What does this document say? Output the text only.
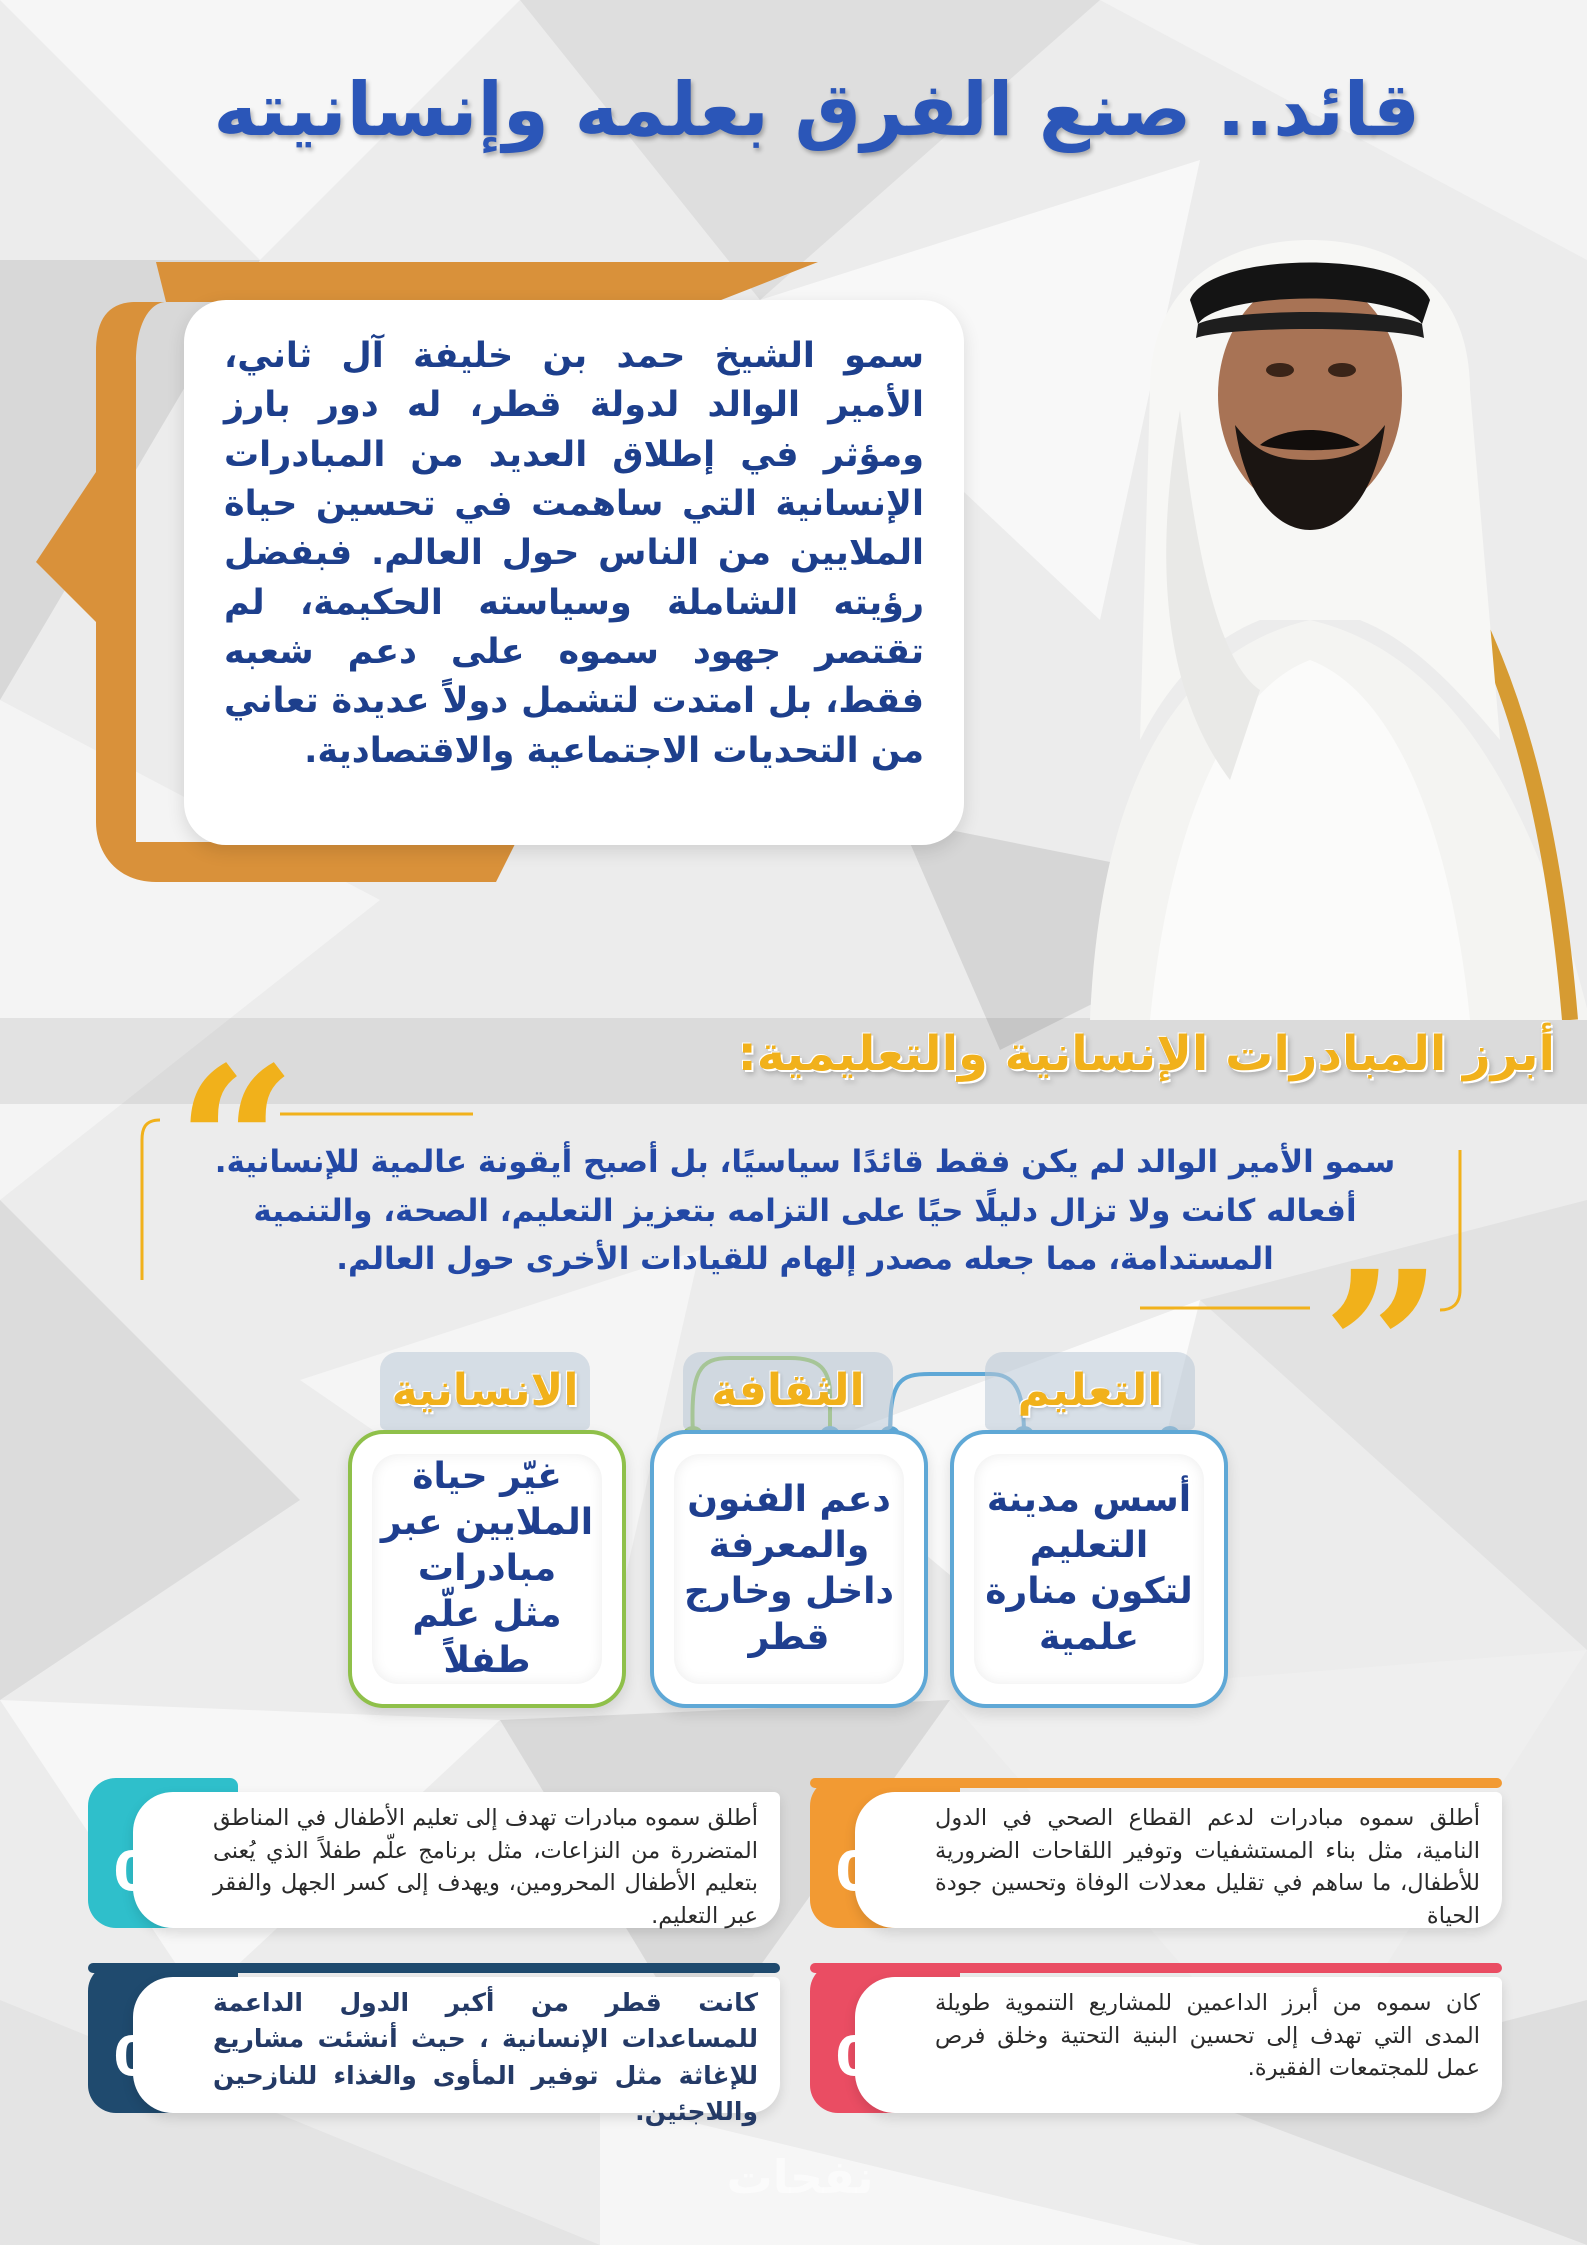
قائد.. صنع الفرق بعلمه وإنسانيته

سمو الشيخ حمد بن خليفة آل ثاني، الأمير الوالد لدولة قطر، له دور بارز ومؤثر في إطلاق العديد من المبادرات الإنسانية التي ساهمت في تحسين حياة الملايين من الناس حول العالم. فبفضل رؤيته الشاملة وسياسته الحكيمة، لم تقتصر جهود سموه على دعم شعبه فقط، بل امتدت لتشمل دولاً عديدة تعاني من التحديات الاجتماعية والاقتصادية.

أبرز المبادرات الإنسانية والتعليمية:
“
”
سمو الأمير الوالد لم يكن فقط قائدًا سياسيًا، بل أصبح أيقونة عالمية للإنسانية.
أفعاله كانت ولا تزال دليلًا حيًا على التزامه بتعزيز التعليم، الصحة، والتنمية
المستدامة، مما جعله مصدر إلهام للقيادات الأخرى حول العالم.
التعليم
أسس مدينة التعليم لتكون منارة علمية
الثقافة
دعم الفنون والمعرفة داخل وخارج قطر
الانسانية
غيّر حياة الملايين عبر مبادرات مثل علّم طفلاً
01

أطلق سموه مبادرات تهدف إلى تعليم الأطفال في المناطق المتضررة من النزاعات، مثل برنامج علّم طفلاً الذي يُعنى بتعليم الأطفال المحرومين، ويهدف إلى كسر الجهل والفقر عبر التعليم.

02

كانت قطر من أكبر الدول الداعمة للمساعدات الإنسانية ، حيث أنشئت مشاريع للإغاثة مثل توفير المأوى والغذاء للنازحين واللاجئين.

03

أطلق سموه مبادرات لدعم القطاع الصحي في الدول النامية، مثل بناء المستشفيات وتوفير اللقاحات الضرورية للأطفال، ما ساهم في تقليل معدلات الوفاة وتحسين جودة الحياة

04

كان سموه من أبرز الداعمين للمشاريع التنموية طويلة المدى التي تهدف إلى تحسين البنية التحتية وخلق فرص عمل للمجتمعات الفقيرة.

نفحات
